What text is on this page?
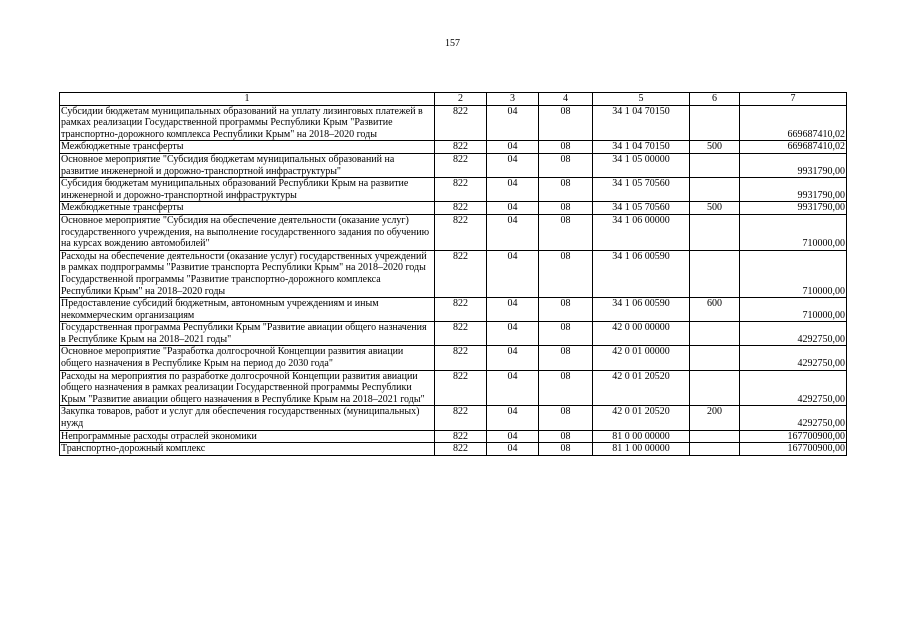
157
1	2	3	4	5	6	7
Субсидии бюджетам муниципальных образований на уплату лизинговых платежей в рамках реализации Государственной программы Республики Крым "Развитие транспортно-дорожного комплекса Республики Крым" на 2018–2020 годы	822	04	08	34 1 04 70150		669687410,02
Межбюджетные трансферты	822	04	08	34 1 04 70150	500	669687410,02
Основное мероприятие "Субсидия бюджетам муниципальных образований на развитие инженерной и дорожно-транспортной инфраструктуры"	822	04	08	34 1 05 00000		9931790,00
Субсидия бюджетам муниципальных образований Республики Крым на развитие инженерной и дорожно-транспортной инфраструктуры	822	04	08	34 1 05 70560		9931790,00
Межбюджетные трансферты	822	04	08	34 1 05 70560	500	9931790,00
Основное мероприятие "Субсидия на обеспечение деятельности (оказание услуг) государственного учреждения, на выполнение государственного задания по обучению на курсах вождению автомобилей"	822	04	08	34 1 06 00000		710000,00
Расходы на обеспечение деятельности (оказание услуг) государственных учреждений в рамках подпрограммы "Развитие транспорта Республики Крым" на 2018–2020 годы Государственной программы "Развитие транспортно-дорожного комплекса Республики Крым" на 2018–2020 годы	822	04	08	34 1 06 00590		710000,00
Предоставление субсидий бюджетным, автономным учреждениям и иным некоммерческим организациям	822	04	08	34 1 06 00590	600	710000,00
Государственная программа Республики Крым "Развитие авиации общего назначения в Республике Крым на 2018–2021 годы"	822	04	08	42 0 00 00000		4292750,00
Основное мероприятие "Разработка долгосрочной Концепции развития авиации общего назначения в Республике Крым на период до 2030 года"	822	04	08	42 0 01 00000		4292750,00
Расходы на мероприятия по разработке долгосрочной Концепции развития авиации общего назначения в рамках реализации Государственной программы Республики Крым "Развитие авиации общего назначения в Республике Крым на 2018–2021 годы"	822	04	08	42 0 01 20520		4292750,00
Закупка товаров, работ и услуг для обеспечения государственных (муниципальных) нужд	822	04	08	42 0 01 20520	200	4292750,00
Непрограммные расходы отраслей экономики	822	04	08	81 0 00 00000		167700900,00
Транспортно-дорожный комплекс	822	04	08	81 1 00 00000		167700900,00
